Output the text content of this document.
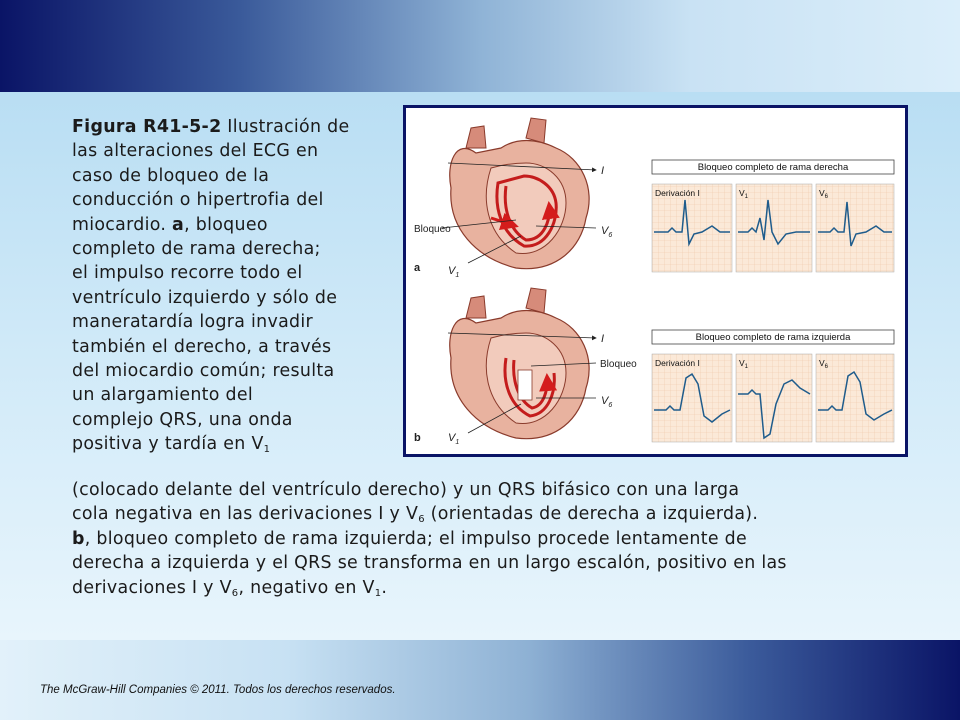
Figura R41-5-2 Ilustración de
las alteraciones del ECG en
caso de bloqueo de la
conducción o hipertrofia del
miocardio. a, bloqueo
completo de rama derecha;
el impulso recorre todo el
ventrículo izquierdo y sólo de
maneratardía logra invadir
también el derecho, a través
del miocardio común; resulta
un alargamiento del
complejo QRS, una onda
positiva y tardía en $V_1$
(colocado delante del ventrículo derecho) y un QRS bifásico con una larga
cola negativa en las derivaciones I y $V_6$ (orientadas de derecha a izquierda).
b, bloqueo completo de rama izquierda; el impulso procede lentamente de
derecha a izquierda y el QRS se transforma en un largo escalón, positivo en las
derivaciones I y $V_6$, negativo en $V_1$.
I
$V_6$
$V_1$
Bloqueo
a
Bloqueo completo de rama derecha
Derivación I	$V_1$	$V_6$
I
Bloqueo
$V_6$
$V_1$
b
Bloqueo completo de rama izquierda
Derivación I	$V_1$	$V_6$
The McGraw-Hill Companies © 2011. Todos los derechos reservados.
